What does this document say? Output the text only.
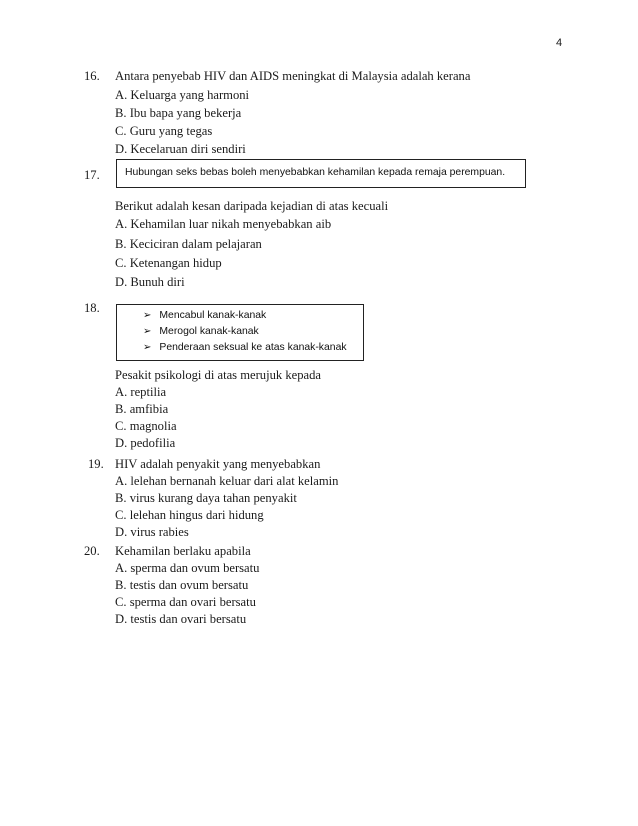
4
16. Antara penyebab HIV dan AIDS meningkat di Malaysia adalah kerana
A. Keluarga yang harmoni
B. Ibu bapa yang bekerja
C. Guru yang tegas
D. Kecelaruan diri sendiri
17. Hubungan seks bebas boleh menyebabkan kehamilan kepada remaja perempuan.
Berikut adalah kesan daripada kejadian di atas kecuali
A. Kehamilan luar nikah menyebabkan aib
B. Keciciran dalam pelajaran
C. Ketenangan hidup
D. Bunuh diri
18.
➢ Mencabul kanak-kanak
➢ Merogol kanak-kanak
➢ Penderaan seksual ke atas kanak-kanak
Pesakit psikologi di atas merujuk kepada
A. reptilia
B. amfibia
C. magnolia
D. pedofilia
19. HIV adalah penyakit yang menyebabkan
A. lelehan bernanah keluar dari alat kelamin
B. virus kurang daya tahan penyakit
C. lelehan hingus dari hidung
D. virus rabies
20. Kehamilan berlaku apabila
A. sperma dan ovum bersatu
B. testis dan ovum bersatu
C. sperma dan ovari bersatu
D. testis dan ovari bersatu
